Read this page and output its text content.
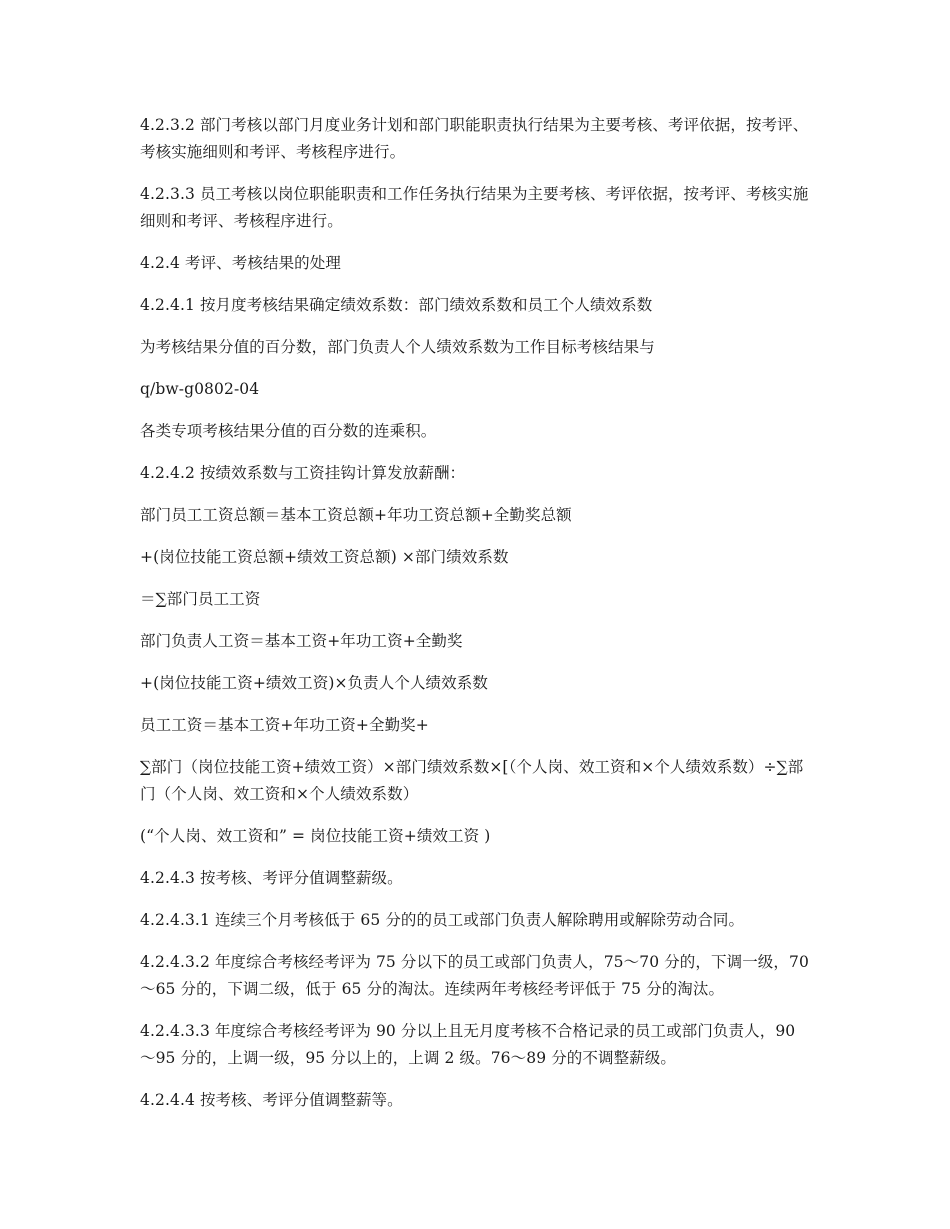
4.2.3.2 部门考核以部门月度业务计划和部门职能职责执行结果为主要考核、考评依据，按考评、考核实施细则和考评、考核程序进行。

4.2.3.3 员工考核以岗位职能职责和工作任务执行结果为主要考核、考评依据，按考评、考核实施细则和考评、考核程序进行。

4.2.4 考评、考核结果的处理

4.2.4.1 按月度考核结果确定绩效系数：部门绩效系数和员工个人绩效系数

为考核结果分值的百分数，部门负责人个人绩效系数为工作目标考核结果与

q/bw-g0802-04

各类专项考核结果分值的百分数的连乘积。

4.2.4.2 按绩效系数与工资挂钩计算发放薪酬：

部门员工工资总额＝基本工资总额+年功工资总额+全勤奖总额

+(岗位技能工资总额+绩效工资总额) ×部门绩效系数

＝∑部门员工工资

部门负责人工资＝基本工资+年功工资+全勤奖

+(岗位技能工资+绩效工资)×负责人个人绩效系数

员工工资＝基本工资+年功工资+全勤奖+

∑部门（岗位技能工资+绩效工资）×部门绩效系数×[（个人岗、效工资和×个人绩效系数）÷∑部门（个人岗、效工资和×个人绩效系数）

(“个人岗、效工资和” = 岗位技能工资+绩效工资 )

4.2.4.3 按考核、考评分值调整薪级。

4.2.4.3.1 连续三个月考核低于 65 分的的员工或部门负责人解除聘用或解除劳动合同。

4.2.4.3.2 年度综合考核经考评为 75 分以下的员工或部门负责人，75～70 分的，下调一级，70～65 分的，下调二级，低于 65 分的淘汰。连续两年考核经考评低于 75 分的淘汰。

4.2.4.3.3 年度综合考核经考评为 90 分以上且无月度考核不合格记录的员工或部门负责人，90～95 分的，上调一级，95 分以上的，上调 2 级。76～89 分的不调整薪级。

4.2.4.4 按考核、考评分值调整薪等。
